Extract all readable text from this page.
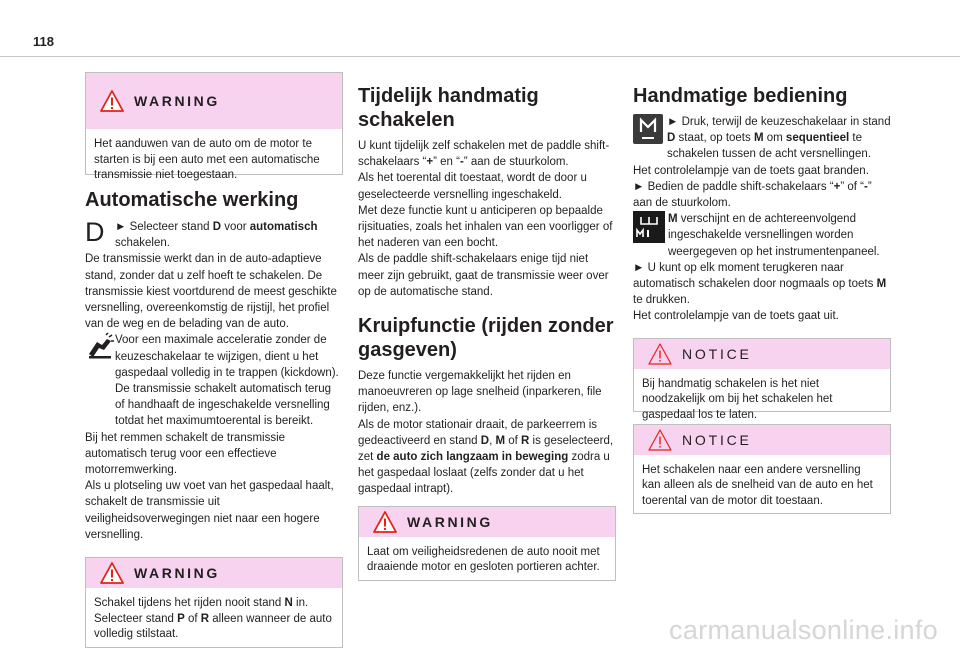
118
WARNING
Het aanduwen van de auto om de motor te starten is bij een auto met een automatische transmissie niet toegestaan.
Automatische werking
D ► Selecteer stand D voor automatisch schakelen.

De transmissie werkt dan in de auto-adaptieve stand, zonder dat u zelf hoeft te schakelen. De transmissie kiest voortdurend de meest geschikte versnelling, overeenkomstig de rijstijl, het profiel van de weg en de belading van de auto.

Voor een maximale acceleratie zonder de keuzeschakelaar te wijzigen, dient u het gaspedaal volledig in te trappen (kickdown). De transmissie schakelt automatisch terug of handhaaft de ingeschakelde versnelling totdat het maximumtoerental is bereikt.

Bij het remmen schakelt de transmissie automatisch terug voor een effectieve motorremwerking.

Als u plotseling uw voet van het gaspedaal haalt, schakelt de transmissie uit veiligheidsoverwegingen niet naar een hogere versnelling.

WARNING
Schakel tijdens het rijden nooit stand N in. Selecteer stand P of R alleen wanneer de auto volledig stilstaat.
Tijdelijk handmatig schakelen

U kunt tijdelijk zelf schakelen met de paddle shift-schakelaars “+” en “-” aan de stuurkolom.

Als het toerental dit toestaat, wordt de door u geselecteerde versnelling ingeschakeld.

Met deze functie kunt u anticiperen op bepaalde rijsituaties, zoals het inhalen van een voorligger of het naderen van een bocht.

Als de paddle shift-schakelaars enige tijd niet meer zijn gebruikt, gaat de transmissie weer over op de automatische stand.

Kruipfunctie (rijden zonder gasgeven)

Deze functie vergemakkelijkt het rijden en manoeuvreren op lage snelheid (inparkeren, file rijden, enz.).

Als de motor stationair draait, de parkeerrem is gedeactiveerd en stand D, M of R is geselecteerd, zet de auto zich langzaam in beweging zodra u het gaspedaal loslaat (zelfs zonder dat u het gaspedaal intrapt).

WARNING
Laat om veiligheidsredenen de auto nooit met draaiende motor en gesloten portieren achter.
Handmatige bediening
► Druk, terwijl de keuzeschakelaar in stand D staat, op toets M om sequentieel te schakelen tussen de acht versnellingen.

Het controlelampje van de toets gaat branden.

► Bedien de paddle shift-schakelaars “+” of “-” aan de stuurkolom.

M verschijnt en de achtereenvolgend ingeschakelde versnellingen worden weergegeven op het instrumentenpaneel.

► U kunt op elk moment terugkeren naar automatisch schakelen door nogmaals op toets M te drukken.

Het controlelampje van de toets gaat uit.

NOTICE
Bij handmatig schakelen is het niet noodzakelijk om bij het schakelen het gaspedaal los te laten.
NOTICE
Het schakelen naar een andere versnelling kan alleen als de snelheid van de auto en het toerental van de motor dit toestaan.
carmanualsonline.info
